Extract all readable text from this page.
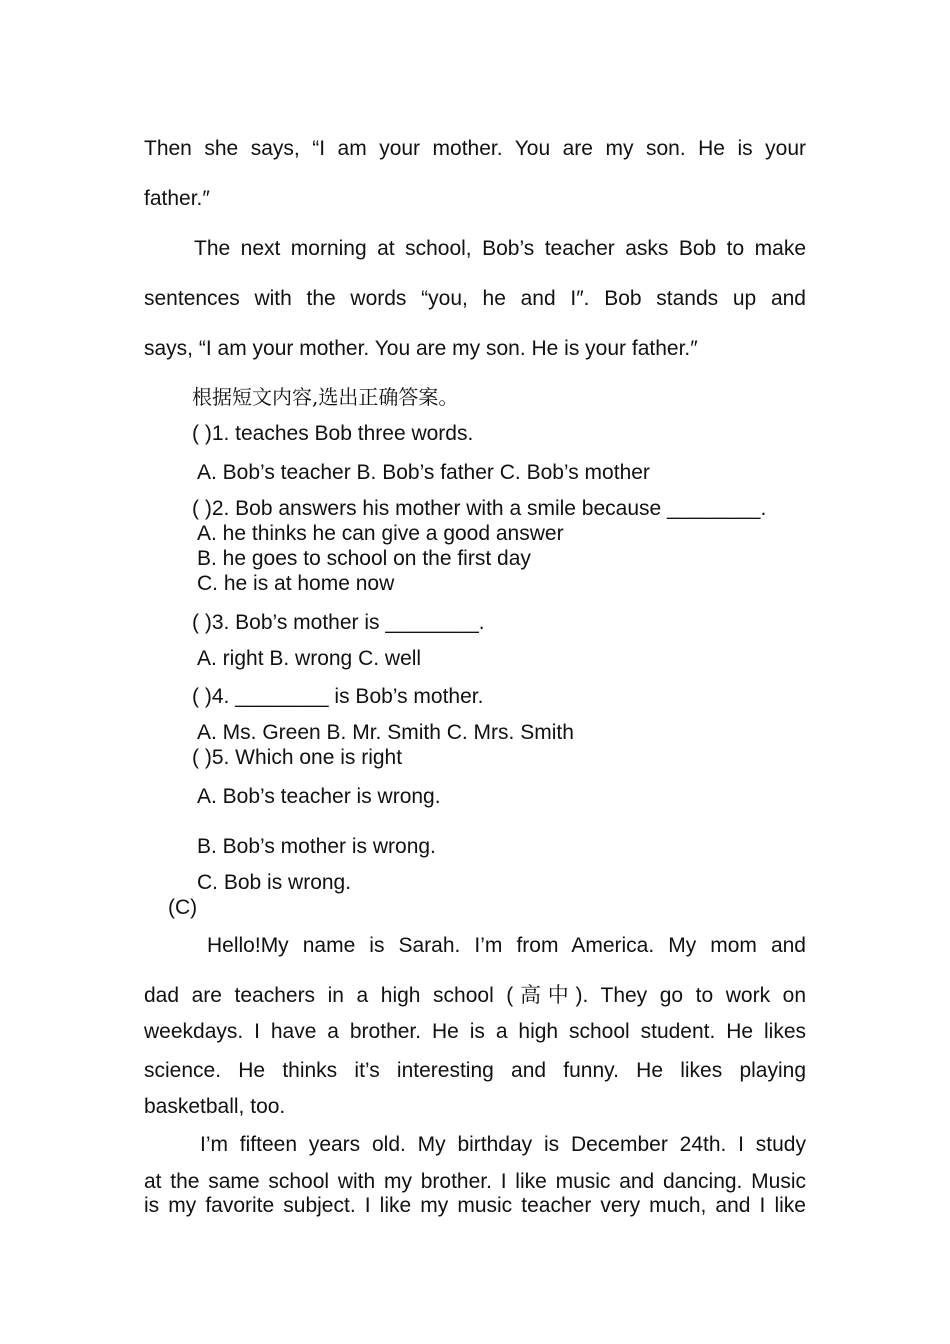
Then she says, “I am your mother. You are my son. He is your
father.″
The next morning at school, Bob’s teacher asks Bob to make
sentences with the words “you, he and I″. Bob stands up and
says, “I am your mother. You are my son. He is your father.″
根据短文内容,选出正确答案。
( )1. teaches Bob three words.
A. Bob’s teacher B. Bob’s father C. Bob’s mother
( )2. Bob answers his mother with a smile because ________.
A. he thinks he can give a good answer
B. he goes to school on the first day
C. he is at home now
( )3. Bob’s mother is ________.
A. right B. wrong C. well
( )4. ________ is Bob’s mother.
A. Ms. Green B. Mr. Smith C. Mrs. Smith
( )5. Which one is right
A. Bob’s teacher is wrong.
B. Bob’s mother is wrong.
C. Bob is wrong.
(C)
Hello!My name is Sarah. I’m from America. My mom and
dad are teachers in a high school (高中). They go to work on
weekdays. I have a brother. He is a high school student. He likes
science. He thinks it’s interesting and funny. He likes playing
basketball, too.
I’m fifteen years old. My birthday is December 24th. I study
at the same school with my brother. I like music and dancing. Music
is my favorite subject. I like my music teacher very much, and I like
